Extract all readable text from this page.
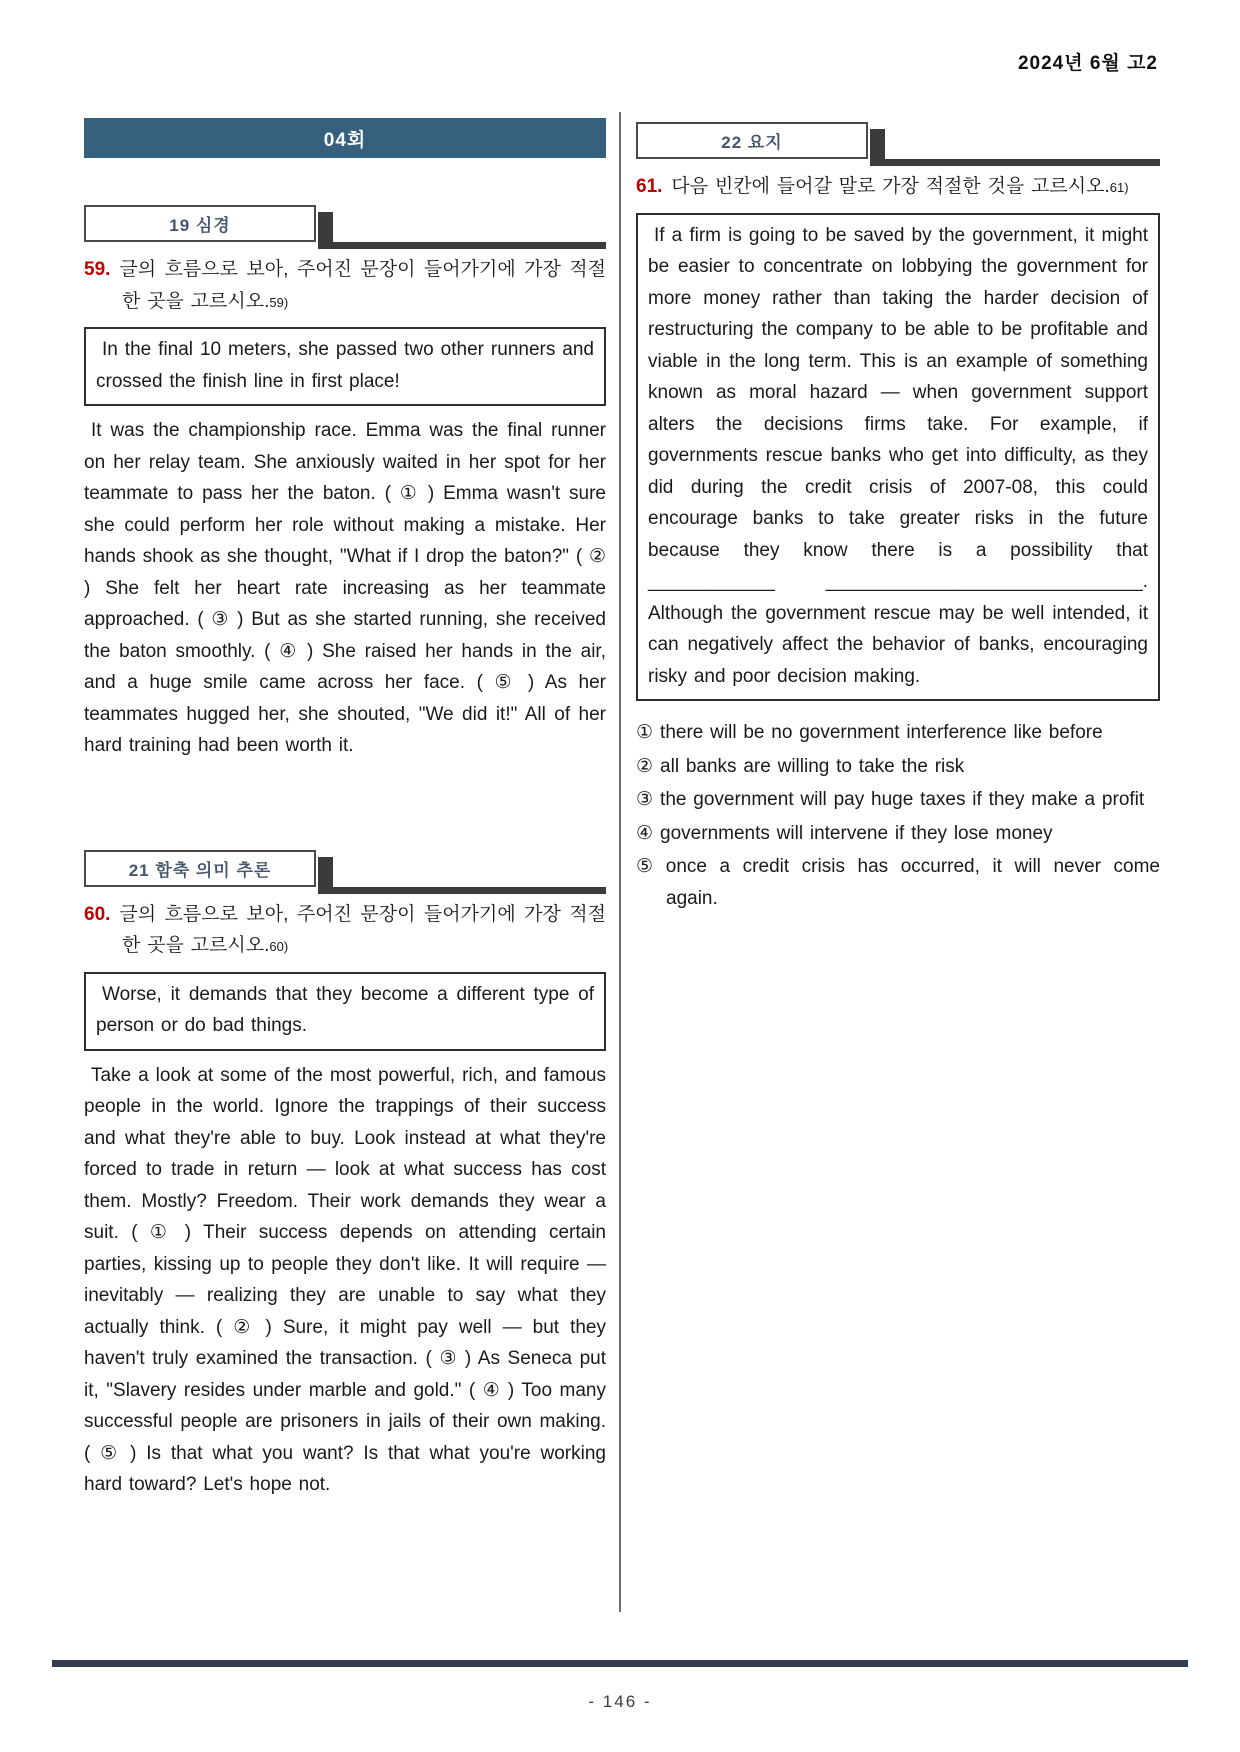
2024년 6월 고2
04회
19 심경
59. 글의 흐름으로 보아, 주어진 문장이 들어가기에 가장 적절한 곳을 고르시오.59)
In the final 10 meters, she passed two other runners and crossed the finish line in first place!
It was the championship race. Emma was the final runner on her relay team. She anxiously waited in her spot for her teammate to pass her the baton. ( ① ) Emma wasn't sure she could perform her role without making a mistake. Her hands shook as she thought, "What if I drop the baton?" ( ② ) She felt her heart rate increasing as her teammate approached. ( ③ ) But as she started running, she received the baton smoothly. ( ④ ) She raised her hands in the air, and a huge smile came across her face. ( ⑤ ) As her teammates hugged her, she shouted, "We did it!" All of her hard training had been worth it.
21 함축 의미 추론
60. 글의 흐름으로 보아, 주어진 문장이 들어가기에 가장 적절한 곳을 고르시오.60)
Worse, it demands that they become a different type of person or do bad things.
Take a look at some of the most powerful, rich, and famous people in the world. Ignore the trappings of their success and what they're able to buy. Look instead at what they're forced to trade in return — look at what success has cost them. Mostly? Freedom. Their work demands they wear a suit. ( ① ) Their success depends on attending certain parties, kissing up to people they don't like. It will require — inevitably — realizing they are unable to say what they actually think. ( ② ) Sure, it might pay well — but they haven't truly examined the transaction. ( ③ ) As Seneca put it, "Slavery resides under marble and gold." ( ④ ) Too many successful people are prisoners in jails of their own making. ( ⑤ ) Is that what you want? Is that what you're working hard toward? Let's hope not.
22 요지
61. 다음 빈칸에 들어갈 말로 가장 적절한 것을 고르시오.61)
If a firm is going to be saved by the government, it might be easier to concentrate on lobbying the government for more money rather than taking the harder decision of restructuring the company to be able to be profitable and viable in the long term. This is an example of something known as moral hazard — when government support alters the decisions firms take. For example, if governments rescue banks who get into difficulty, as they did during the credit crisis of 2007-08, this could encourage banks to take greater risks in the future because they know there is a possibility that ____________ ______________________________. Although the government rescue may be well intended, it can negatively affect the behavior of banks, encouraging risky and poor decision making.
① there will be no government interference like before
② all banks are willing to take the risk
③ the government will pay huge taxes if they make a profit
④ governments will intervene if they lose money
⑤ once a credit crisis has occurred, it will never come again.
- 146 -
